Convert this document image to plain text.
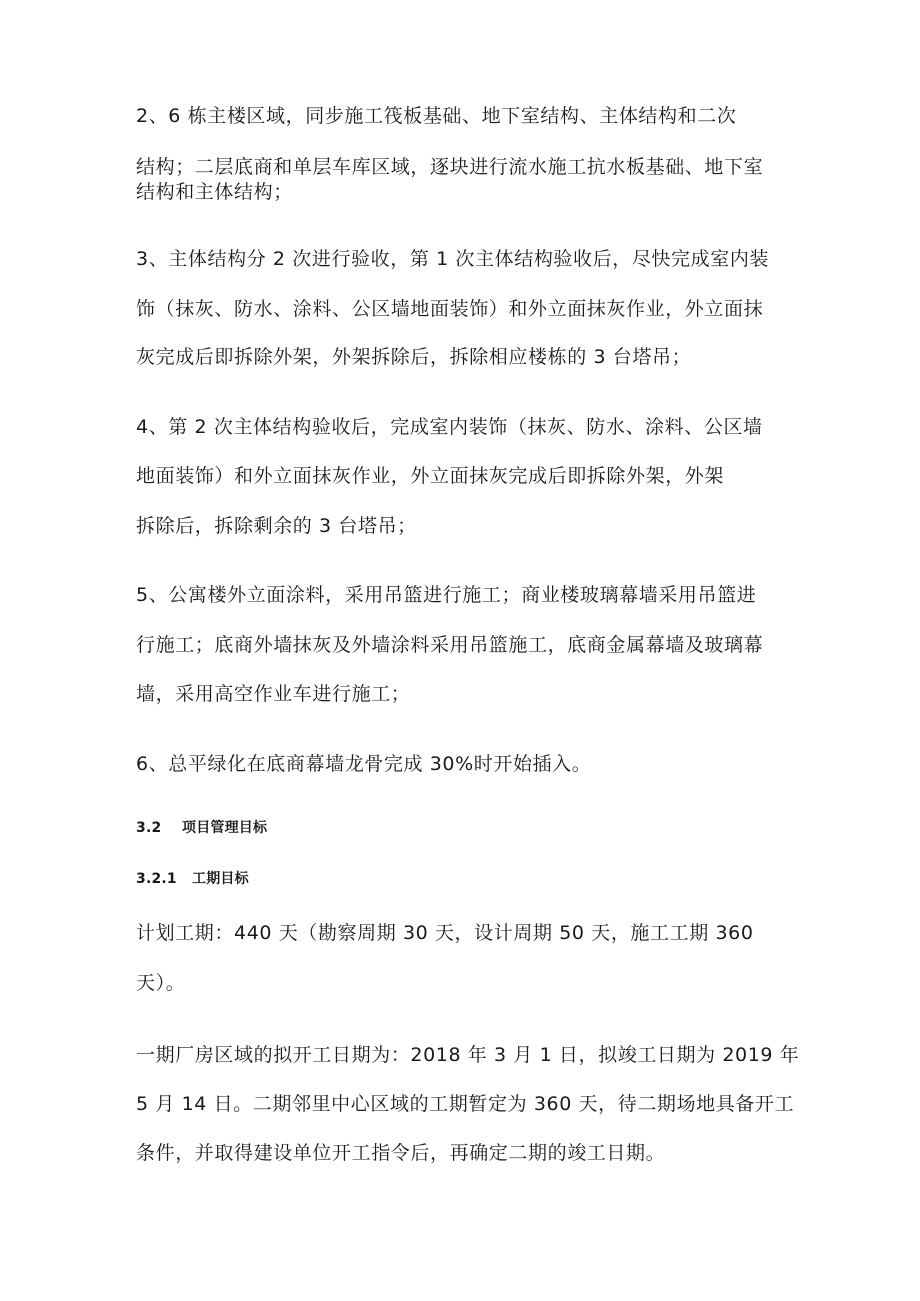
2、6 栋主楼区域，同步施工筏板基础、地下室结构、主体结构和二次
结构；二层底商和单层车库区域，逐块进行流水施工抗水板基础、地下室
结构和主体结构；
3、主体结构分 2 次进行验收，第 1 次主体结构验收后，尽快完成室内装
饰（抹灰、防水、涂料、公区墙地面装饰）和外立面抹灰作业，外立面抹
灰完成后即拆除外架，外架拆除后，拆除相应楼栋的 3 台塔吊；
4、第 2 次主体结构验收后，完成室内装饰（抹灰、防水、涂料、公区墙
地面装饰）和外立面抹灰作业，外立面抹灰完成后即拆除外架，外架
拆除后，拆除剩余的 3 台塔吊；
5、公寓楼外立面涂料，采用吊篮进行施工；商业楼玻璃幕墙采用吊篮进
行施工；底商外墙抹灰及外墙涂料采用吊篮施工，底商金属幕墙及玻璃幕
墙，采用高空作业车进行施工；
6、总平绿化在底商幕墙龙骨完成 30%时开始插入。
3.2 项目管理目标
3.2.1 工期目标
计划工期：440 天（勘察周期 30 天，设计周期 50 天，施工工期 360
天）。
一期厂房区域的拟开工日期为：2018 年 3 月 1 日，拟竣工日期为 2019 年
5 月 14 日。二期邻里中心区域的工期暂定为 360 天，待二期场地具备开工
条件，并取得建设单位开工指令后，再确定二期的竣工日期。
